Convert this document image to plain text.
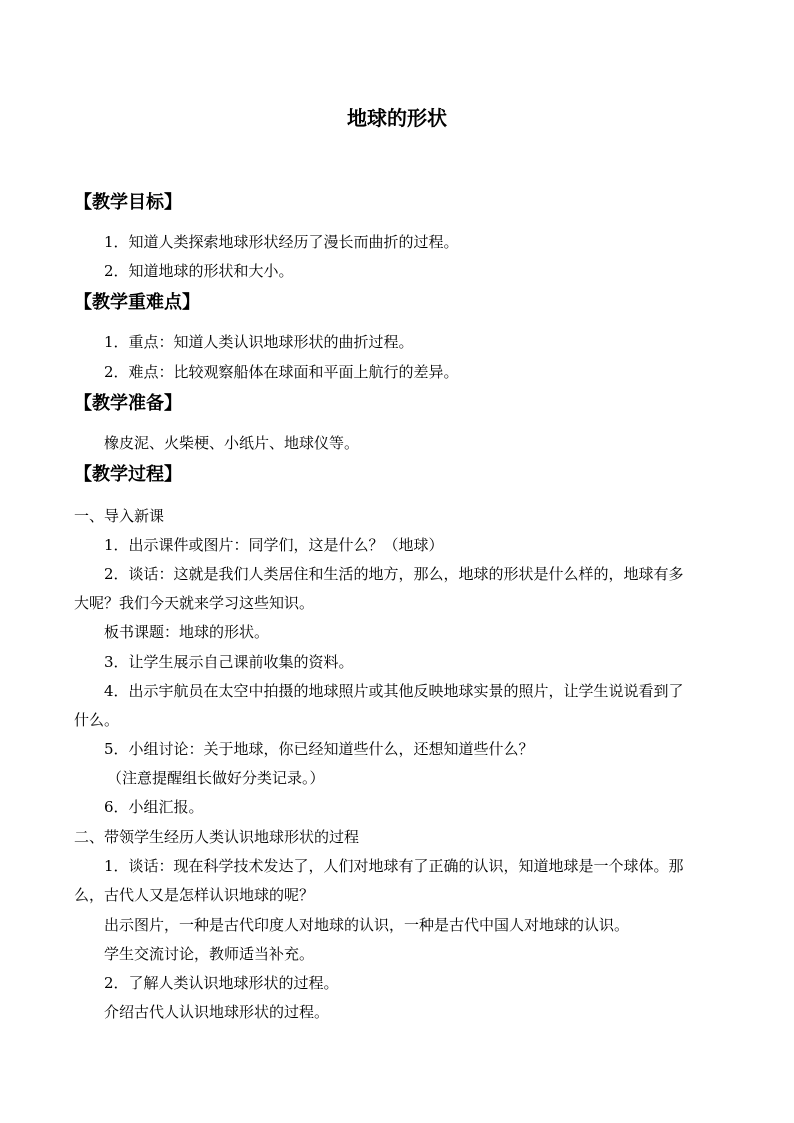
地球的形状
【教学目标】
1．知道人类探索地球形状经历了漫长而曲折的过程。
2．知道地球的形状和大小。
【教学重难点】
1．重点：知道人类认识地球形状的曲折过程。
2．难点：比较观察船体在球面和平面上航行的差异。
【教学准备】
橡皮泥、火柴梗、小纸片、地球仪等。
【教学过程】
一、导入新课
1．出示课件或图片：同学们，这是什么？（地球）
2．谈话：这就是我们人类居住和生活的地方，那么，地球的形状是什么样的，地球有多
大呢？我们今天就来学习这些知识。
板书课题：地球的形状。
3．让学生展示自己课前收集的资料。
4．出示宇航员在太空中拍摄的地球照片或其他反映地球实景的照片，让学生说说看到了
什么。
5．小组讨论：关于地球，你已经知道些什么，还想知道些什么？
（注意提醒组长做好分类记录。）
6．小组汇报。
二、带领学生经历人类认识地球形状的过程
1．谈话：现在科学技术发达了，人们对地球有了正确的认识，知道地球是一个球体。那
么，古代人又是怎样认识地球的呢？
出示图片，一种是古代印度人对地球的认识，一种是古代中国人对地球的认识。
学生交流讨论，教师适当补充。
2．了解人类认识地球形状的过程。
介绍古代人认识地球形状的过程。
